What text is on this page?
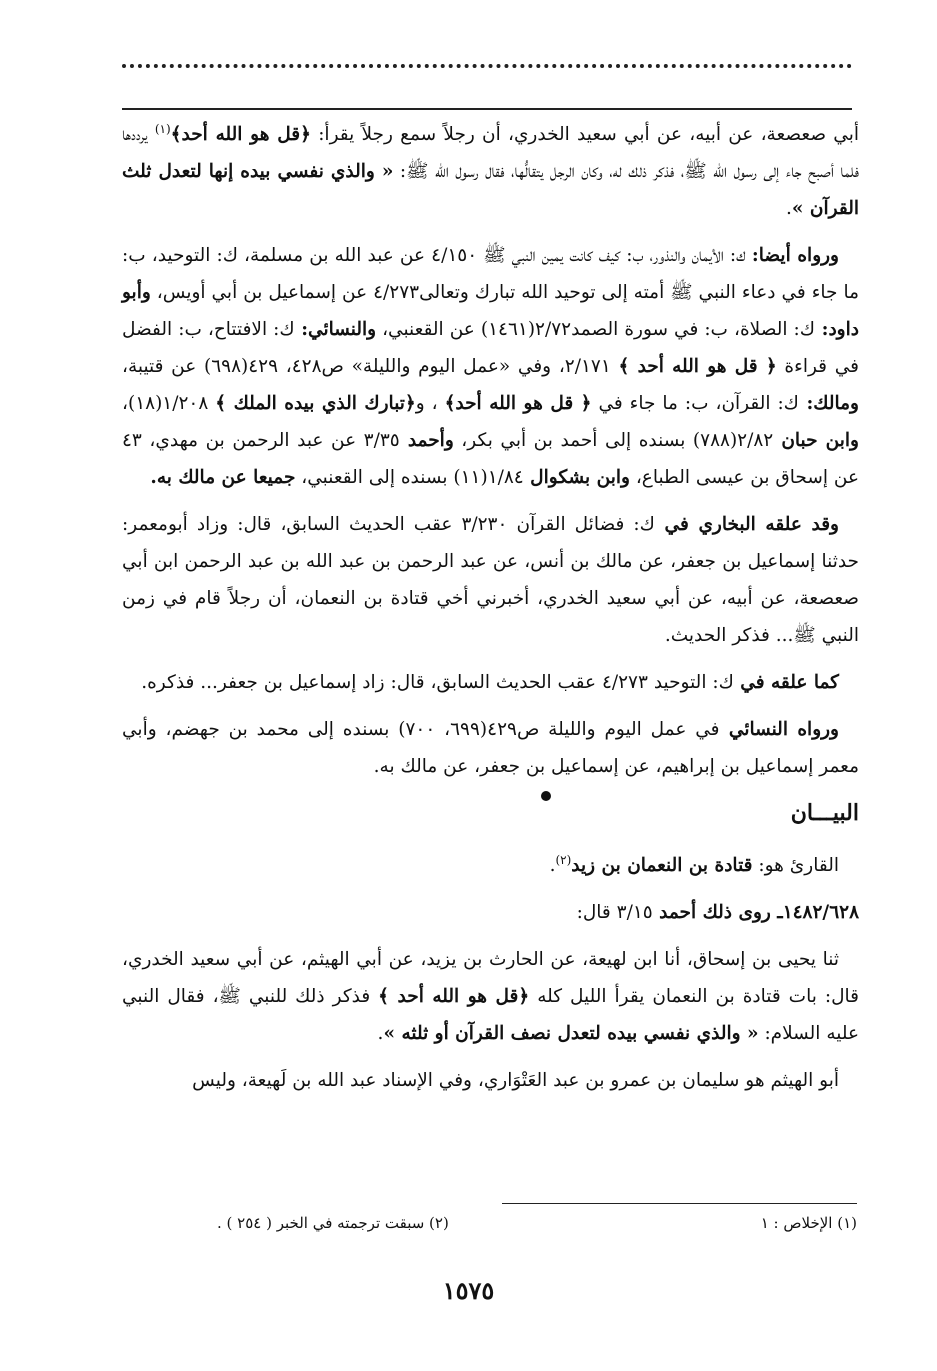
أبي صعصعة، عن أبيه، عن أبي سعيد الخدري، أن رجلاً سمع رجلاً يقرأ: ﴿قل هو الله أحد﴾$^{(١)}$ يرددها فلما أصبح جاء إلى رسول الله ﷺ، فذكر ذلك له، وكان الرجل يتقالُّها، فقال رسول الله ﷺ: « والذي نفسي بيده إنها لتعدل ثلث القرآن ».

ورواه أيضا: ك: الأيمان والنذور، ب: كيف كانت يمين النبي ﷺ ٤/١٥٠ عن عبد الله بن مسلمة، ك: التوحيد، ب: ما جاء في دعاء النبي ﷺ أمته إلى توحيد الله تبارك وتعالى٤/٢٧٣ عن إسماعيل بن أبي أويس، وأبو داود: ك: الصلاة، ب: في سورة الصمد٢/٧٢(١٤٦١) عن القعنبي، والنسائي: ك: الافتتاح، ب: الفضل في قراءة ﴿ قل هو الله أحد ﴾ ٢/١٧١، وفي «عمل اليوم والليلة» ص٤٢٨، ٤٢٩(٦٩٨) عن قتيبة، ومالك: ك: القرآن، ب: ما جاء في ﴿ قل هو الله أحد﴾ ، و﴿تبارك الذي بيده الملك ﴾ ١/٢٠٨(١٨)، وابن حبان ٢/٨٢(٧٨٨) بسنده إلى أحمد بن أبي بكر، وأحمد ٣/٣٥ عن عبد الرحمن بن مهدي، ٤٣ عن إسحاق بن عيسى الطباع، وابن بشكوال ١/٨٤(١١) بسنده إلى القعنبي، جميعا عن مالك به.

وقد علقه البخاري في ك: فضائل القرآن ٣/٢٣٠ عقب الحديث السابق، قال: وزاد أبومعمر: حدثنا إسماعيل بن جعفر، عن مالك بن أنس، عن عبد الرحمن بن عبد الله بن عبد الرحمن ابن أبي صعصعة، عن أبيه، عن أبي سعيد الخدري، أخبرني أخي قتادة بن النعمان، أن رجلاً قام في زمن النبي ﷺ... فذكر الحديث.

كما علقه في ك: التوحيد ٤/٢٧٣ عقب الحديث السابق، قال: زاد إسماعيل بن جعفر... فذكره.

ورواه النسائي في عمل اليوم والليلة ص٤٢٩(٦٩٩، ٧٠٠) بسنده إلى محمد بن جهضم، وأبي معمر إسماعيل بن إبراهيم، عن إسماعيل بن جعفر، عن مالك به.

البيـــان

القارئ هو: قتادة بن النعمان بن زيد$^{(٢)}$.

١٤٨٢/٦٢٨ـ روى ذلك أحمد ٣/١٥ قال:

ثنا يحيى بن إسحاق، أنا ابن لهيعة، عن الحارث بن يزيد، عن أبي الهيثم، عن أبي سعيد الخدري، قال: بات قتادة بن النعمان يقرأ الليل كله ﴿قل هو الله أحد ﴾ فذكر ذلك للنبي ﷺ، فقال النبي عليه السلام: « والذي نفسي بيده لتعدل نصف القرآن أو ثلثه ».

أبو الهيثم هو سليمان بن عمرو بن عبد العَتْوَاري، وفي الإسناد عبد الله بن لَهيعة، وليس

(١) الإخلاص : ١
(٢) سبقت ترجمته في الخبر ( ٢٥٤ ) .
١٥٧٥
